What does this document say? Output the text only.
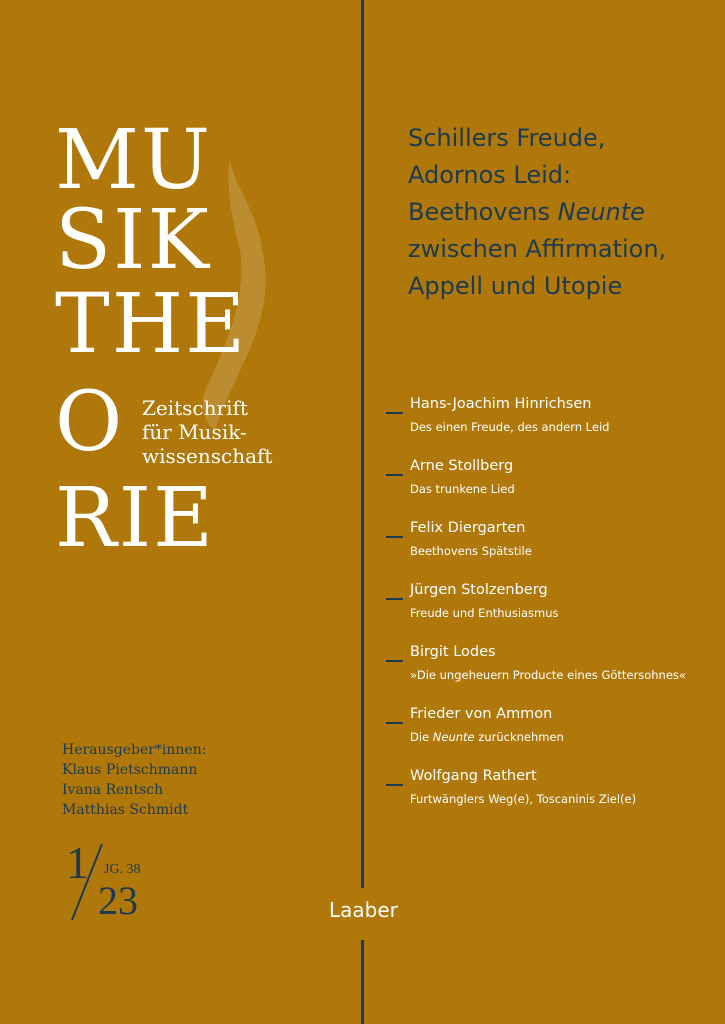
MU
SIK
THE
O
RIE
Zeitschrift
für Musik-
wissenschaft
Herausgeber*innen:
Klaus Pietschmann
Ivana Rentsch
Matthias Schmidt
1 JG. 38
23
Schillers Freude,
Adornos Leid:
Beethovens Neunte
zwischen Affirmation,
Appell und Utopie
Hans-Joachim Hinrichsen
Des einen Freude, des andern Leid
Arne Stollberg
Das trunkene Lied
Felix Diergarten
Beethovens Spätstile
Jürgen Stolzenberg
Freude und Enthusiasmus
Birgit Lodes
»Die ungeheuern Producte eines Göttersohnes«
Frieder von Ammon
Die Neunte zurücknehmen
Wolfgang Rathert
Furtwänglers Weg(e), Toscaninis Ziel(e)
Laaber
